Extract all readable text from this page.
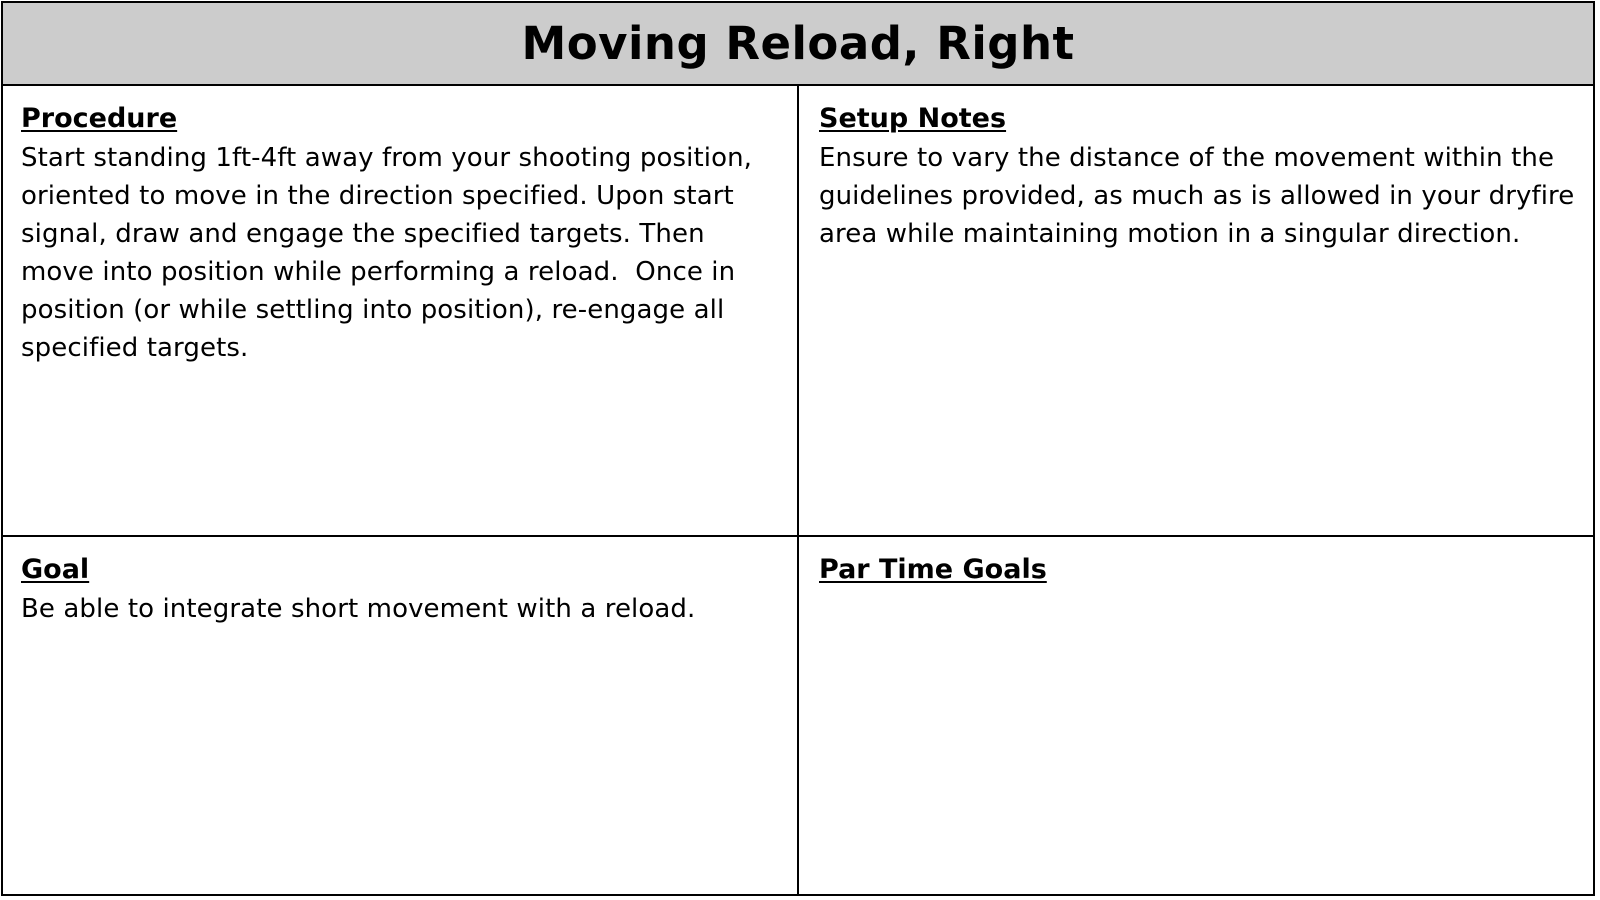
Moving Reload, Right
Procedure
Start standing 1ft-4ft away from your shooting position, oriented to move in the direction specified. Upon start signal, draw and engage the specified targets. Then move into position while performing a reload.  Once in position (or while settling into position), re-engage all specified targets.
Setup Notes
Ensure to vary the distance of the movement within the guidelines provided, as much as is allowed in your dryfire area while maintaining motion in a singular direction.
Goal
Be able to integrate short movement with a reload.
Par Time Goals
